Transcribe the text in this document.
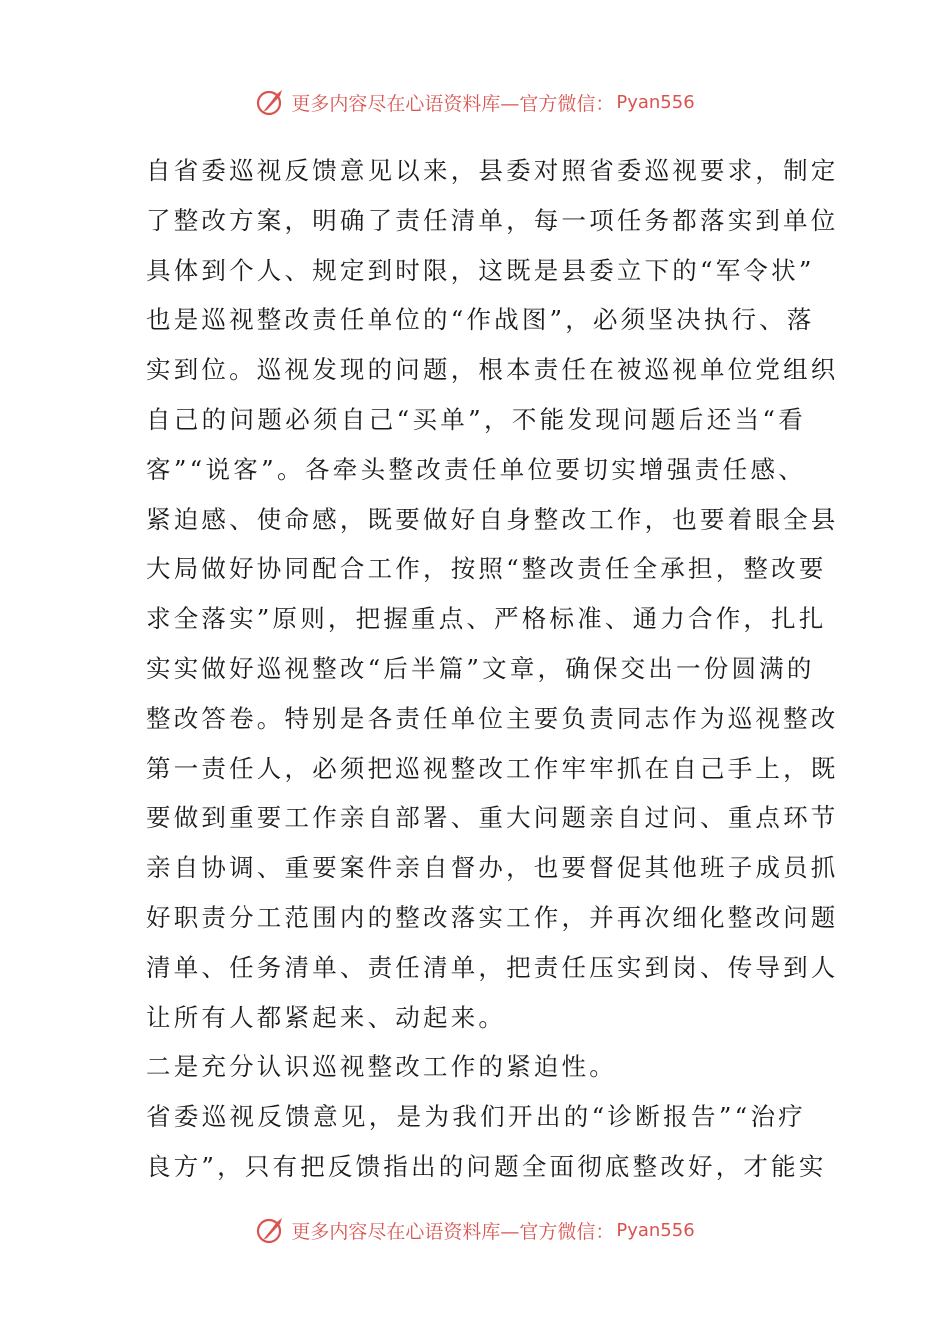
更多内容尽在心语资料库—官方微信： Pyan556
自省委巡视反馈意见以来，县委对照省委巡视要求，制定
了整改方案，明确了责任清单，每一项任务都落实到单位
具体到个人、规定到时限，这既是县委立下的“军令状”
也是巡视整改责任单位的“作战图”，必须坚决执行、落
实到位。巡视发现的问题，根本责任在被巡视单位党组织
自己的问题必须自己“买单”，不能发现问题后还当“看
客”“说客”。各牵头整改责任单位要切实增强责任感、
紧迫感、使命感，既要做好自身整改工作，也要着眼全县
大局做好协同配合工作，按照“整改责任全承担，整改要
求全落实”原则，把握重点、严格标准、通力合作，扎扎
实实做好巡视整改“后半篇”文章，确保交出一份圆满的
整改答卷。特别是各责任单位主要负责同志作为巡视整改
第一责任人，必须把巡视整改工作牢牢抓在自己手上，既
要做到重要工作亲自部署、重大问题亲自过问、重点环节
亲自协调、重要案件亲自督办，也要督促其他班子成员抓
好职责分工范围内的整改落实工作，并再次细化整改问题
清单、任务清单、责任清单，把责任压实到岗、传导到人
让所有人都紧起来、动起来。
二是充分认识巡视整改工作的紧迫性。
省委巡视反馈意见，是为我们开出的“诊断报告”“治疗
良方”，只有把反馈指出的问题全面彻底整改好，才能实
更多内容尽在心语资料库—官方微信： Pyan556
